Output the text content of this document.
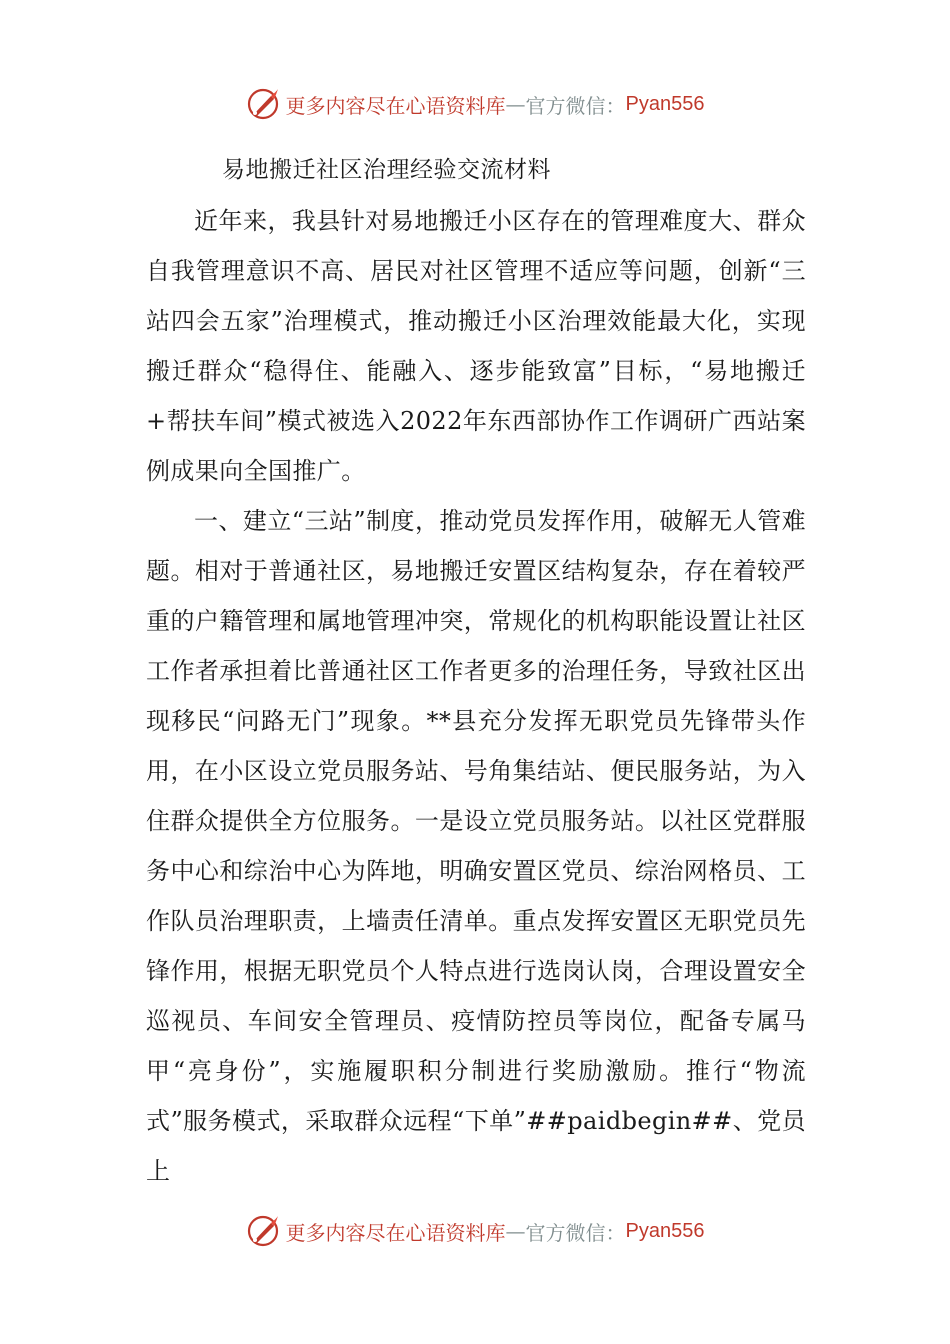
更多内容尽在心语资料库 — 官方微信： Pyan556
易地搬迁社区治理经验交流材料

近年来，我县针对易地搬迁小区存在的管理难度大、群众自我管理意识不高、居民对社区管理不适应等问题，创新“三站四会五家”治理模式，推动搬迁小区治理效能最大化，实现搬迁群众“稳得住、能融入、逐步能致富”目标，“易地搬迁+帮扶车间”模式被选入2022年东西部协作工作调研广西站案例成果向全国推广。

一、建立“三站”制度，推动党员发挥作用，破解无人管难题。相对于普通社区，易地搬迁安置区结构复杂，存在着较严重的户籍管理和属地管理冲突，常规化的机构职能设置让社区工作者承担着比普通社区工作者更多的治理任务，导致社区出现移民“问路无门”现象。**县充分发挥无职党员先锋带头作用，在小区设立党员服务站、号角集结站、便民服务站，为入住群众提供全方位服务。一是设立党员服务站。以社区党群服务中心和综治中心为阵地，明确安置区党员、综治网格员、工作队员治理职责，上墙责任清单。重点发挥安置区无职党员先锋作用，根据无职党员个人特点进行选岗认岗，合理设置安全巡视员、车间安全管理员、疫情防控员等岗位，配备专属马甲“亮身份”，实施履职积分制进行奖励激励。推行“物流式”服务模式，采取群众远程“下单”##paidbegin##、党员上

更多内容尽在心语资料库 — 官方微信： Pyan556
